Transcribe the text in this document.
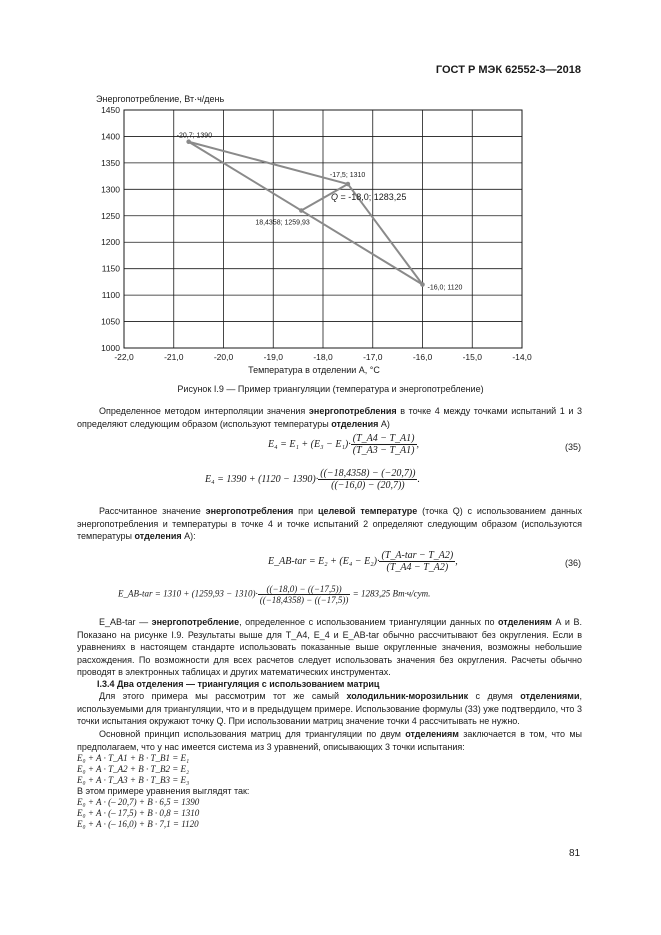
ГОСТ Р МЭК 62552-3—2018
Энергопотребление, Вт·ч/день
Температура в отделении А, °С
-22,0	-21,0	-20,0	-19,0	-18,0	-17,0	-16,0	-15,0	-14,0
1000
1050
1100
1150
1200
1250
1300
1350
1400
1450
-20,7; 1390
-17,5; 1310
-16,0; 1120
18,4358; 1259,93
Q = -18,0; 1283,25
Рисунок I.9 — Пример триангуляции (температура и энергопотребление)
Определенное методом интерполяции значения энергопотребления в точке 4 между точками испытаний 1 и 3 определяют следующим образом (используют температуры отделения А)
$E_4 = E_1 + (E_3 - E_1)\cdot \frac{(T\_A4 - T\_A1)}{(T\_A3 - T\_A1)}$ ,	(35)
$E_4 = 1390 + (1120 - 1390)\cdot \frac{((-18,4358) - (-20,7))}{((-16,0) - (20,7))}$ .
Рассчитанное значение энергопотребления при целевой температуре (точка Q) с использованием данных энергопотребления и температуры в точке 4 и точке испытаний 2 определяют следующим образом (используются температуры отделения А):
E_AB-tar = $E_2 + (E_4 - E_2)\cdot \frac{\text{(T\_A-tar − T\_A2)}}{(T\_A4 - T\_A2)}$ ,	(36)
E_AB-tar = $1310 + (1259,93 - 1310)\cdot \frac{((-18,0) - ((-17,5))}{((-18,4358) - ((-17,5))} = 1283,25$ Вт·ч/сут.
E_AB-tar — энергопотребление, определенное с использованием триангуляции данных по отделениям А и В. Показано на рисунке I.9. Результаты выше для T_A4, E_4 и E_AB-tar обычно рассчитывают без округления. Если в уравнениях в настоящем стандарте использовать показанные выше округленные значения, возможны небольшие расхождения. По возможности для всех расчетов следует использовать значения без округления. Расчеты обычно проводят в электронных таблицах и других математических инструментах.
I.3.4 Два отделения — триангуляция с использованием матриц
Для этого примера мы рассмотрим тот же самый холодильник-морозильник с двумя отделениями, используемыми для триангуляции, что и в предыдущем примере. Использование формулы (33) уже подтвердило, что 3 точки испытания окружают точку Q. При использовании матриц значение точки 4 рассчитывать не нужно.
Основной принцип использования матриц для триангуляции по двум отделениям заключается в том, что мы предполагаем, что у нас имеется система из 3 уравнений, описывающих 3 точки испытания:
E₀ + A · T_A1 + B · T_B1 = E₁
E₀ + A · T_A2 + B · T_B2 = E₂
E₀ + A · T_A3 + B · T_B3 = E₃
В этом примере уравнения выглядят так:
E₀ + A · (– 20,7) + B · 6,5 = 1390
E₀ + A · (– 17,5) + B · 0,8 = 1310
E₀ + A · (– 16,0) + B · 7,1 = 1120
81
